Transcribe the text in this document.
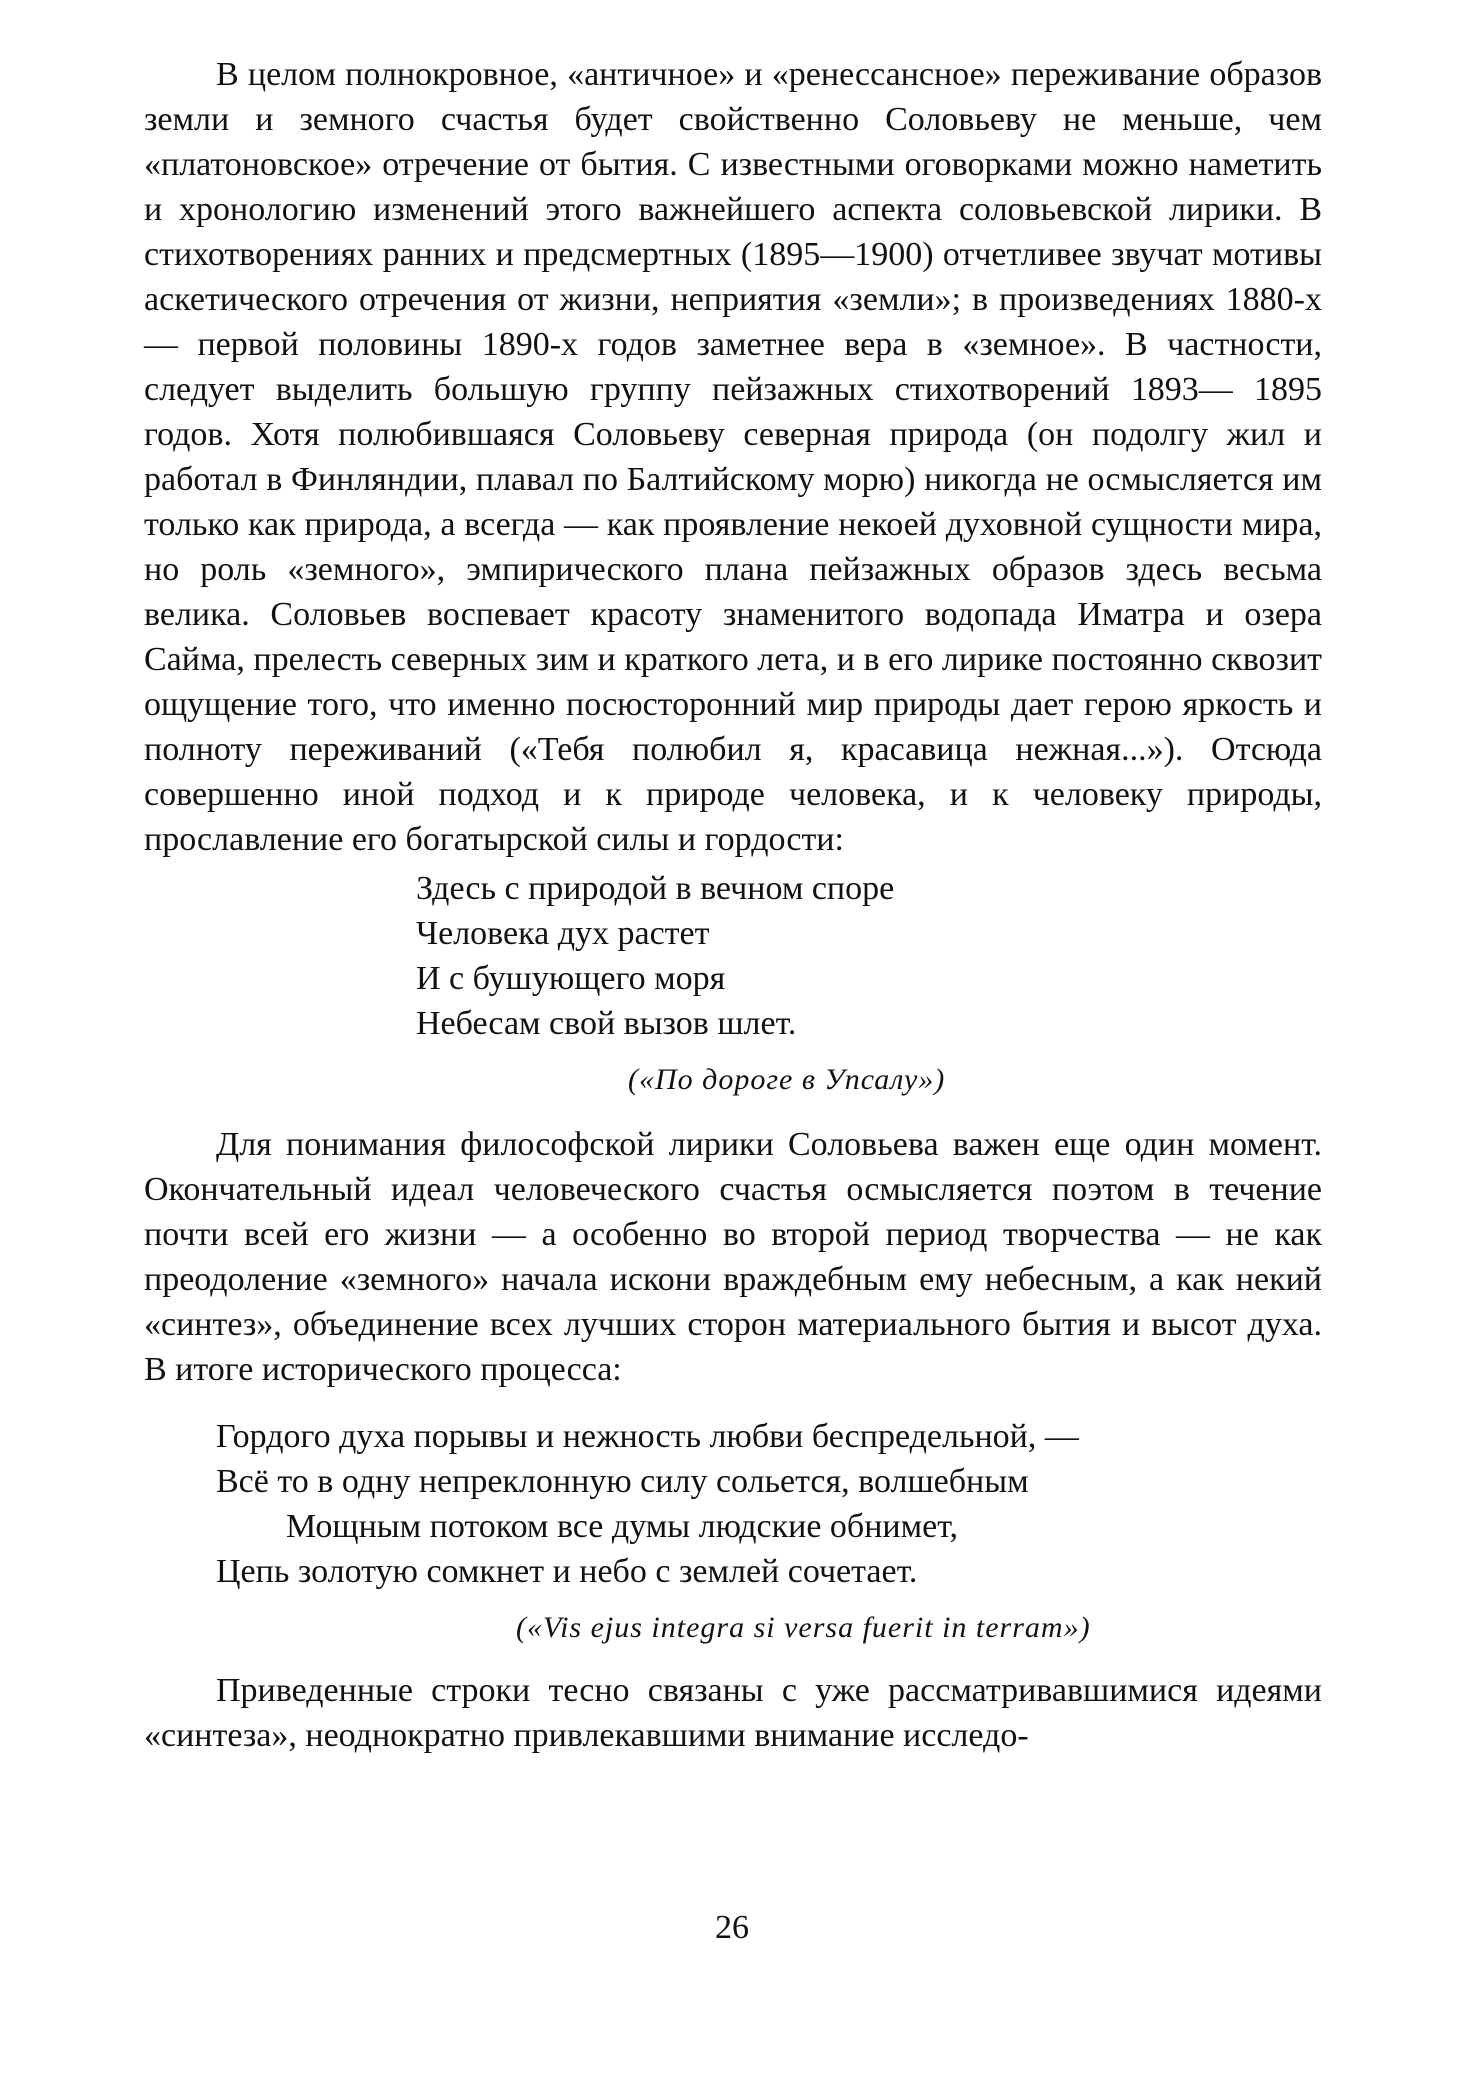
В целом полнокровное, «античное» и «ренессансное» переживание образов земли и земного счастья будет свойственно Соловьеву не меньше, чем «платоновское» отречение от бытия. С известными оговорками можно наметить и хронологию изменений этого важнейшего аспекта соловьевской лирики. В стихотворениях ранних и предсмертных (1895—1900) отчетливее звучат мотивы аскетического отречения от жизни, неприятия «земли»; в произведениях 1880-х — первой половины 1890-х годов заметнее вера в «земное». В частности, следует выделить большую группу пейзажных стихотворений 1893— 1895 годов. Хотя полюбившаяся Соловьеву северная природа (он подолгу жил и работал в Финляндии, плавал по Балтийскому морю) никогда не осмысляется им только как природа, а всегда — как проявление некоей духовной сущности мира, но роль «земного», эмпирического плана пейзажных образов здесь весьма велика. Соловьев воспевает красоту знаменитого водопада Иматра и озера Сайма, прелесть северных зим и краткого лета, и в его лирике постоянно сквозит ощущение того, что именно посюсторонний мир природы дает герою яркость и полноту переживаний («Тебя полюбил я, красавица нежная...»). Отсюда совершенно иной подход и к природе человека, и к человеку природы, прославление его богатырской силы и гордости:

Здесь с природой в вечном споре
Человека дух растет
И с бушующего моря
Небесам свой вызов шлет.
(«По дороге в Упсалу»)

Для понимания философской лирики Соловьева важен еще один момент. Окончательный идеал человеческого счастья осмысляется поэтом в течение почти всей его жизни — а особенно во второй период творчества — не как преодоление «земного» начала искони враждебным ему небесным, а как некий «синтез», объединение всех лучших сторон материального бытия и высот духа. В итоге исторического процесса:

Гордого духа порывы и нежность любви беспредельной, —
Всё то в одну непреклонную силу сольется, волшебным
Мощным потоком все думы людские обнимет,
Цепь золотую сомкнет и небо с землей сочетает.
(«Vis ejus integra si versa fuerit in terram»)

Приведенные строки тесно связаны с уже рассматривавшимися идеями «синтеза», неоднократно привлекавшими внимание исследо-

26
